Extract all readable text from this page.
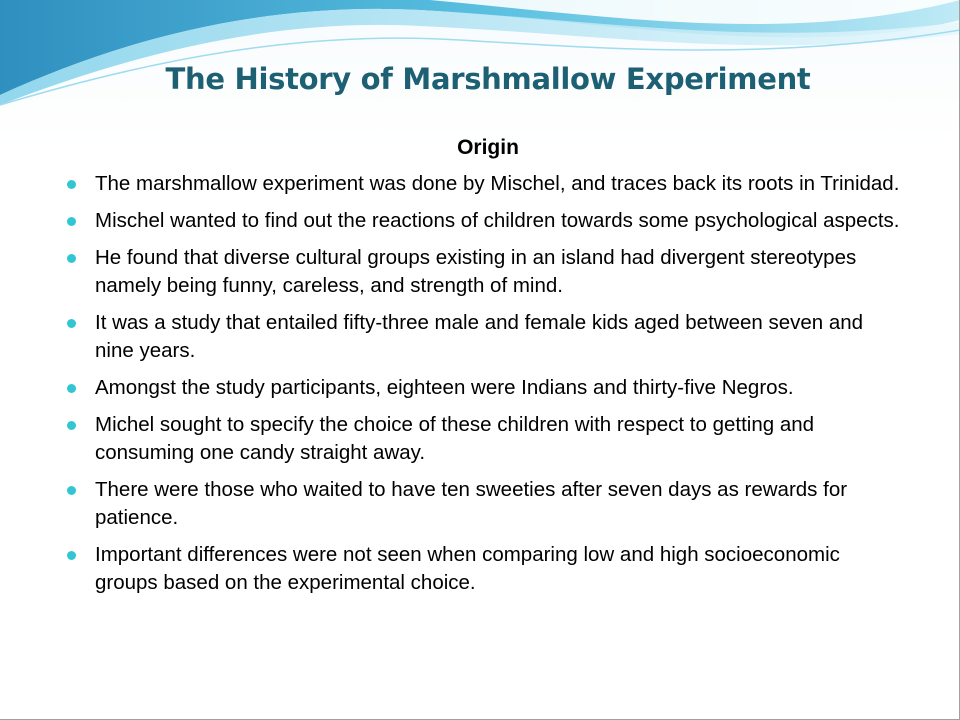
The History of Marshmallow Experiment
Origin
The marshmallow experiment was done by Mischel, and traces back its roots in Trinidad.
Mischel wanted to find out the reactions of children towards some psychological aspects.
He found that diverse cultural groups existing in an island had divergent stereotypes namely being funny, careless, and strength of mind.
It was a study that entailed fifty-three male and female kids aged between seven and nine years.
Amongst the study participants, eighteen were Indians and thirty-five Negros.
Michel sought to specify the choice of these children with respect to getting and consuming one candy straight away.
There were those who waited to have ten sweeties after seven days as rewards for patience.
Important differences were not seen when comparing low and high socioeconomic groups based on the experimental choice.
